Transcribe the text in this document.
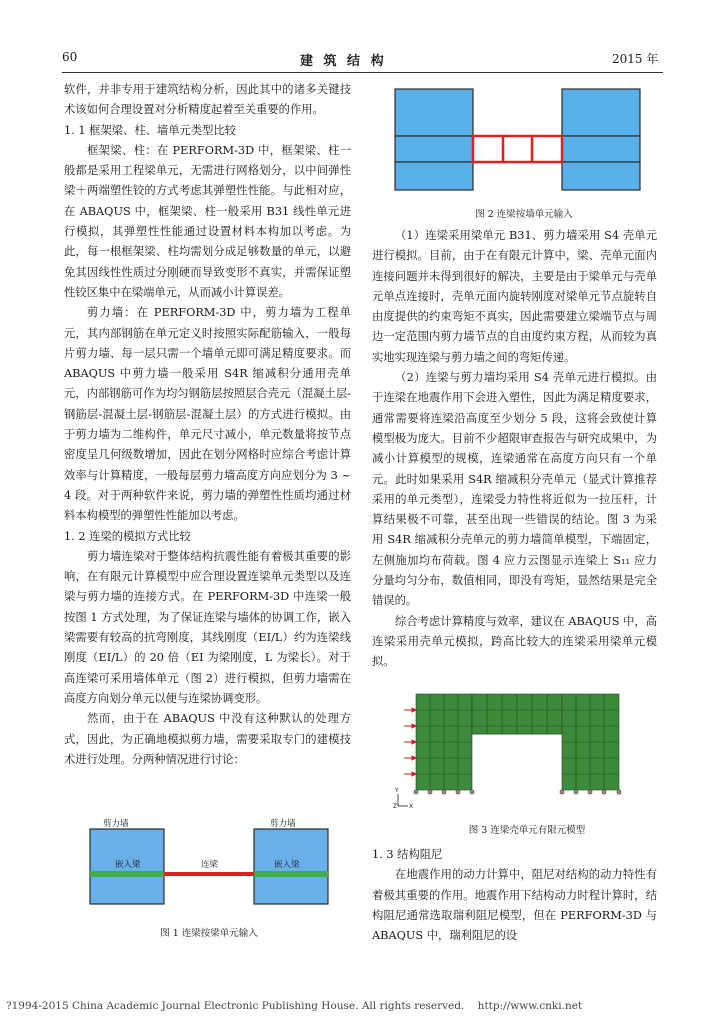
60	建 筑 结 构	2015 年

软件，并非专用于建筑结构分析，因此其中的诸多关键技术该如何合理设置对分析精度起着至关重要的作用。

1. 1 框架梁、柱、墙单元类型比较

框架梁、柱：在 PERFORM-3D 中，框架梁、柱一般都是采用工程梁单元，无需进行网格划分，以中间弹性梁＋两端塑性铰的方式考虑其弹塑性性能。与此相对应，在 ABAQUS 中，框架梁、柱一般采用 B31 线性单元进行模拟，其弹塑性性能通过设置材料本构加以考虑。为此，每一根框架梁、柱均需划分成足够数量的单元，以避免其因线性性质过分刚硬而导致变形不真实，并需保证塑性铰区集中在梁端单元，从而减小计算误差。

剪力墙：在 PERFORM-3D 中，剪力墙为工程单元，其内部钢筋在单元定义时按照实际配筋输入，一般每片剪力墙、每一层只需一个墙单元即可满足精度要求。而 ABAQUS 中剪力墙一般采用 S4R 缩减积分通用壳单元，内部钢筋可作为均匀钢筋层按照层合壳元（混凝土层-钢筋层-混凝土层-钢筋层-混凝土层）的方式进行模拟。由于剪力墙为二维构件，单元尺寸减小，单元数量将按节点密度呈几何级数增加，因此在划分网格时应综合考虑计算效率与计算精度，一般每层剪力墙高度方向应划分为 3 ~ 4 段。对于两种软件来说，剪力墙的弹塑性性质均通过材料本构模型的弹塑性性能加以考虑。

1. 2 连梁的模拟方式比较

剪力墙连梁对于整体结构抗震性能有着极其重要的影响，在有限元计算模型中应合理设置连梁单元类型以及连梁与剪力墙的连接方式。在 PERFORM-3D 中连梁一般按图 1 方式处理，为了保证连梁与墙体的协调工作，嵌入梁需要有较高的抗弯刚度，其线刚度（EI/L）约为连梁线刚度（EI/L）的 20 倍（EI 为梁刚度，L 为梁长）。对于高连梁可采用墙体单元（图 2）进行模拟，但剪力墙需在高度方向划分单元以便与连梁协调变形。

然而，由于在 ABAQUS 中没有这种默认的处理方式，因此，为正确地模拟剪力墙，需要采取专门的建模技术进行处理。分两种情况进行讨论：

剪力墙	剪力墙
嵌入梁	嵌入梁
连梁
图 1 连梁按梁单元输入
图 2 连梁按墙单元输入

（1）连梁采用梁单元 B31、剪力墙采用 S4 壳单元进行模拟。目前，由于在有限元计算中，梁、壳单元面内连接问题并未得到很好的解决，主要是由于梁单元与壳单元单点连接时，壳单元面内旋转刚度对梁单元节点旋转自由度提供的约束弯矩不真实，因此需要建立梁端节点与周边一定范围内剪力墙节点的自由度约束方程，从而较为真实地实现连梁与剪力墙之间的弯矩传递。

（2）连梁与剪力墙均采用 S4 壳单元进行模拟。由于连梁在地震作用下会进入塑性，因此为满足精度要求，通常需要将连梁沿高度至少划分 5 段，这将会致使计算模型极为庞大。目前不少超限审查报告与研究成果中，为减小计算模型的规模，连梁通常在高度方向只有一个单元。此时如果采用 S4R 缩减积分壳单元（显式计算推荐采用的单元类型），连梁受力特性将近似为一拉压杆，计算结果极不可靠，甚至出现一些错误的结论。图 3 为采用 S4R 缩减积分壳单元的剪力墙简单模型，下端固定，左侧施加均布荷载。图 4 应力云图显示连梁上 S₁₁ 应力分量均匀分布，数值相同，即没有弯矩，显然结果是完全错误的。

综合考虑计算精度与效率，建议在 ABAQUS 中，高连梁采用壳单元模拟，跨高比较大的连梁采用梁单元模拟。

Y
Z X
图 3 连梁壳单元有限元模型

1. 3 结构阻尼

在地震作用的动力计算中，阻尼对结构的动力特性有着极其重要的作用。地震作用下结构动力时程计算时，结构阻尼通常选取瑞利阻尼模型，但在 PERFORM-3D 与 ABAQUS 中，瑞利阻尼的设

?1994-2015 China Academic Journal Electronic Publishing House. All rights reserved.    http://www.cnki.net
